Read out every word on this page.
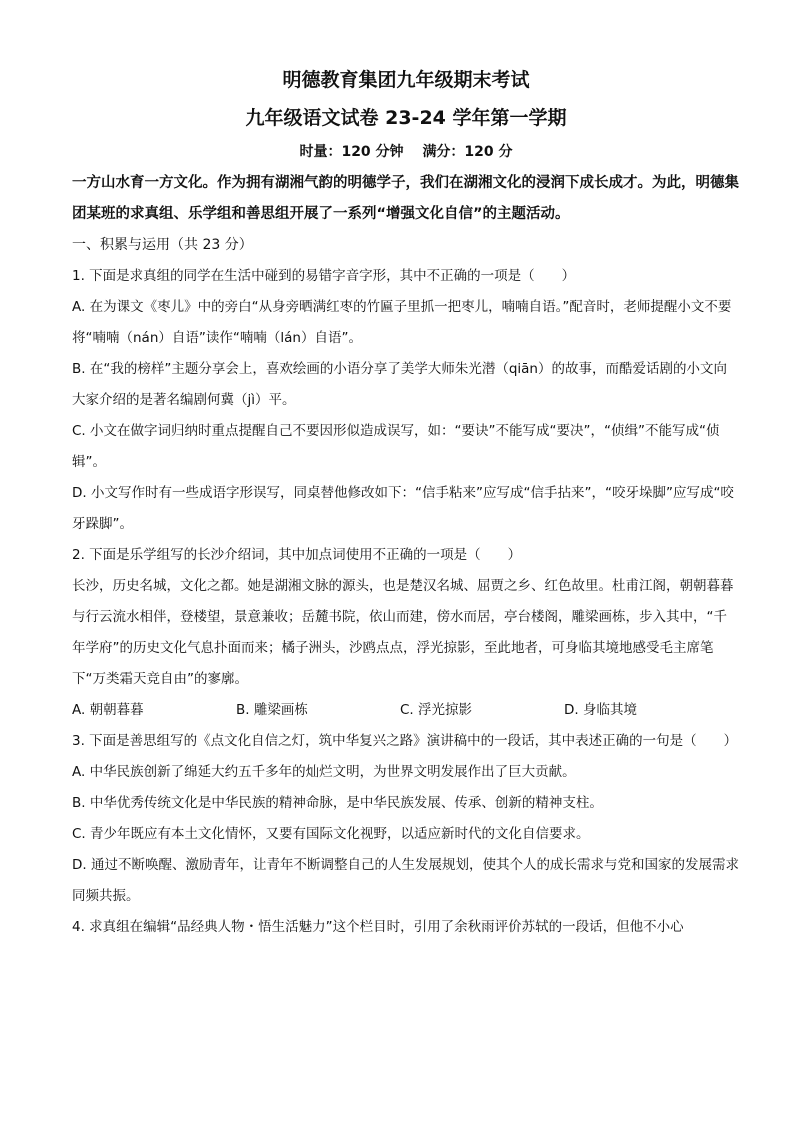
明德教育集团九年级期末考试
九年级语文试卷 23-24 学年第一学期
时量：120 分钟 满分：120 分
一方山水育一方文化。作为拥有湖湘气韵的明德学子，我们在湖湘文化的浸润下成长成才。为此，明德集团某班的求真组、乐学组和善思组开展了一系列“增强文化自信”的主题活动。
一、积累与运用（共 23 分）
1. 下面是求真组的同学在生活中碰到的易错字音字形，其中不正确的一项是（　　）
A. 在为课文《枣儿》中的旁白“从身旁晒满红枣的竹匾子里抓一把枣儿，喃喃自语。”配音时，老师提醒小文不要将“喃喃（nán）自语”读作“喃喃（lán）自语”。
B. 在“我的榜样”主题分享会上，喜欢绘画的小语分享了美学大师朱光潜（qiān）的故事，而酷爱话剧的小文向大家介绍的是著名编剧何冀（jì）平。
C. 小文在做字词归纳时重点提醒自己不要因形似造成误写，如：“要诀”不能写成“要决”，“侦缉”不能写成“侦辑”。
D. 小文写作时有一些成语字形误写，同桌替他修改如下：“信手粘来”应写成“信手拈来”，“咬牙垛脚”应写成“咬牙跺脚”。
2. 下面是乐学组写的长沙介绍词，其中加点词使用不正确的一项是（　　）
长沙，历史名城，文化之都。她是湖湘文脉的源头，也是楚汉名城、屈贾之乡、红色故里。杜甫江阁，朝朝暮暮与行云流水相伴，登楼望，景意兼收；岳麓书院，依山而建，傍水而居，亭台楼阁，雕梁画栋，步入其中，“千年学府”的历史文化气息扑面而来；橘子洲头，沙鸥点点，浮光掠影，至此地者，可身临其境地感受毛主席笔下“万类霜天竞自由”的寥廓。
A. 朝朝暮暮	B. 雕梁画栋	C. 浮光掠影	D. 身临其境
3. 下面是善思组写的《点文化自信之灯，筑中华复兴之路》演讲稿中的一段话，其中表述正确的一句是（　　）
A. 中华民族创新了绵延大约五千多年的灿烂文明，为世界文明发展作出了巨大贡献。
B. 中华优秀传统文化是中华民族的精神命脉，是中华民族发展、传承、创新的精神支柱。
C. 青少年既应有本土文化情怀，又要有国际文化视野，以适应新时代的文化自信要求。
D. 通过不断唤醒、激励青年，让青年不断调整自己的人生发展规划，使其个人的成长需求与党和国家的发展需求同频共振。
4. 求真组在编辑“品经典人物・悟生活魅力”这个栏目时，引用了余秋雨评价苏轼的一段话，但他不小心
